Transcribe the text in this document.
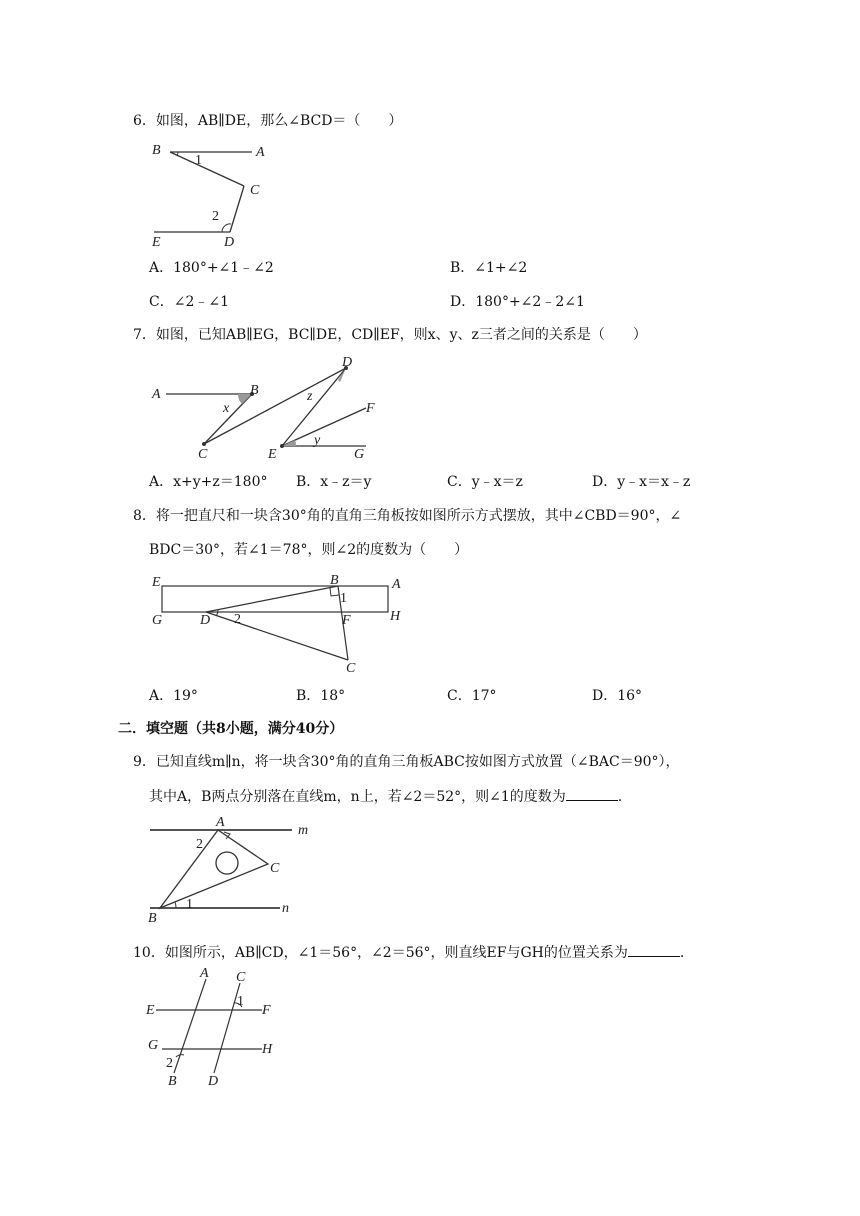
6．如图，AB∥DE，那么∠BCD＝（　　）
B
1
A
C
2
E	D
A．180°+∠1﹣∠2	B．∠1+∠2
C．∠2﹣∠1	D．180°+∠2﹣2∠1
7．如图，已知AB∥EG，BC∥DE，CD∥EF，则x、y、z三者之间的关系是（　　）
A	B
x
C
z
D
F
y
E	G
A．x+y+z＝180° B．x﹣z＝y	C．y﹣x＝z	D．y﹣x＝x﹣z
8．将一把直尺和一块含30°角的直角三角板按如图所示方式摆放，其中∠CBD＝90°，∠
BDC＝30°，若∠1＝78°，则∠2的度数为（　　）
E	B	A
1
G	D 2	F	H
C
A．19°	B．18°	C．17°	D．16°
二．填空题（共8小题，满分40分）
9．已知直线m∥n，将一块含30°角的直角三角板ABC按如图方式放置（∠BAC＝90°），
其中A，B两点分别落在直线m，n上，若∠2＝52°，则∠1的度数为	.
A
m
2
C
B
1	n
10．如图所示，AB∥CD，∠1＝56°，∠2＝56°，则直线EF与GH的位置关系为	.
A C
E
1
F
G	H
2
B D
